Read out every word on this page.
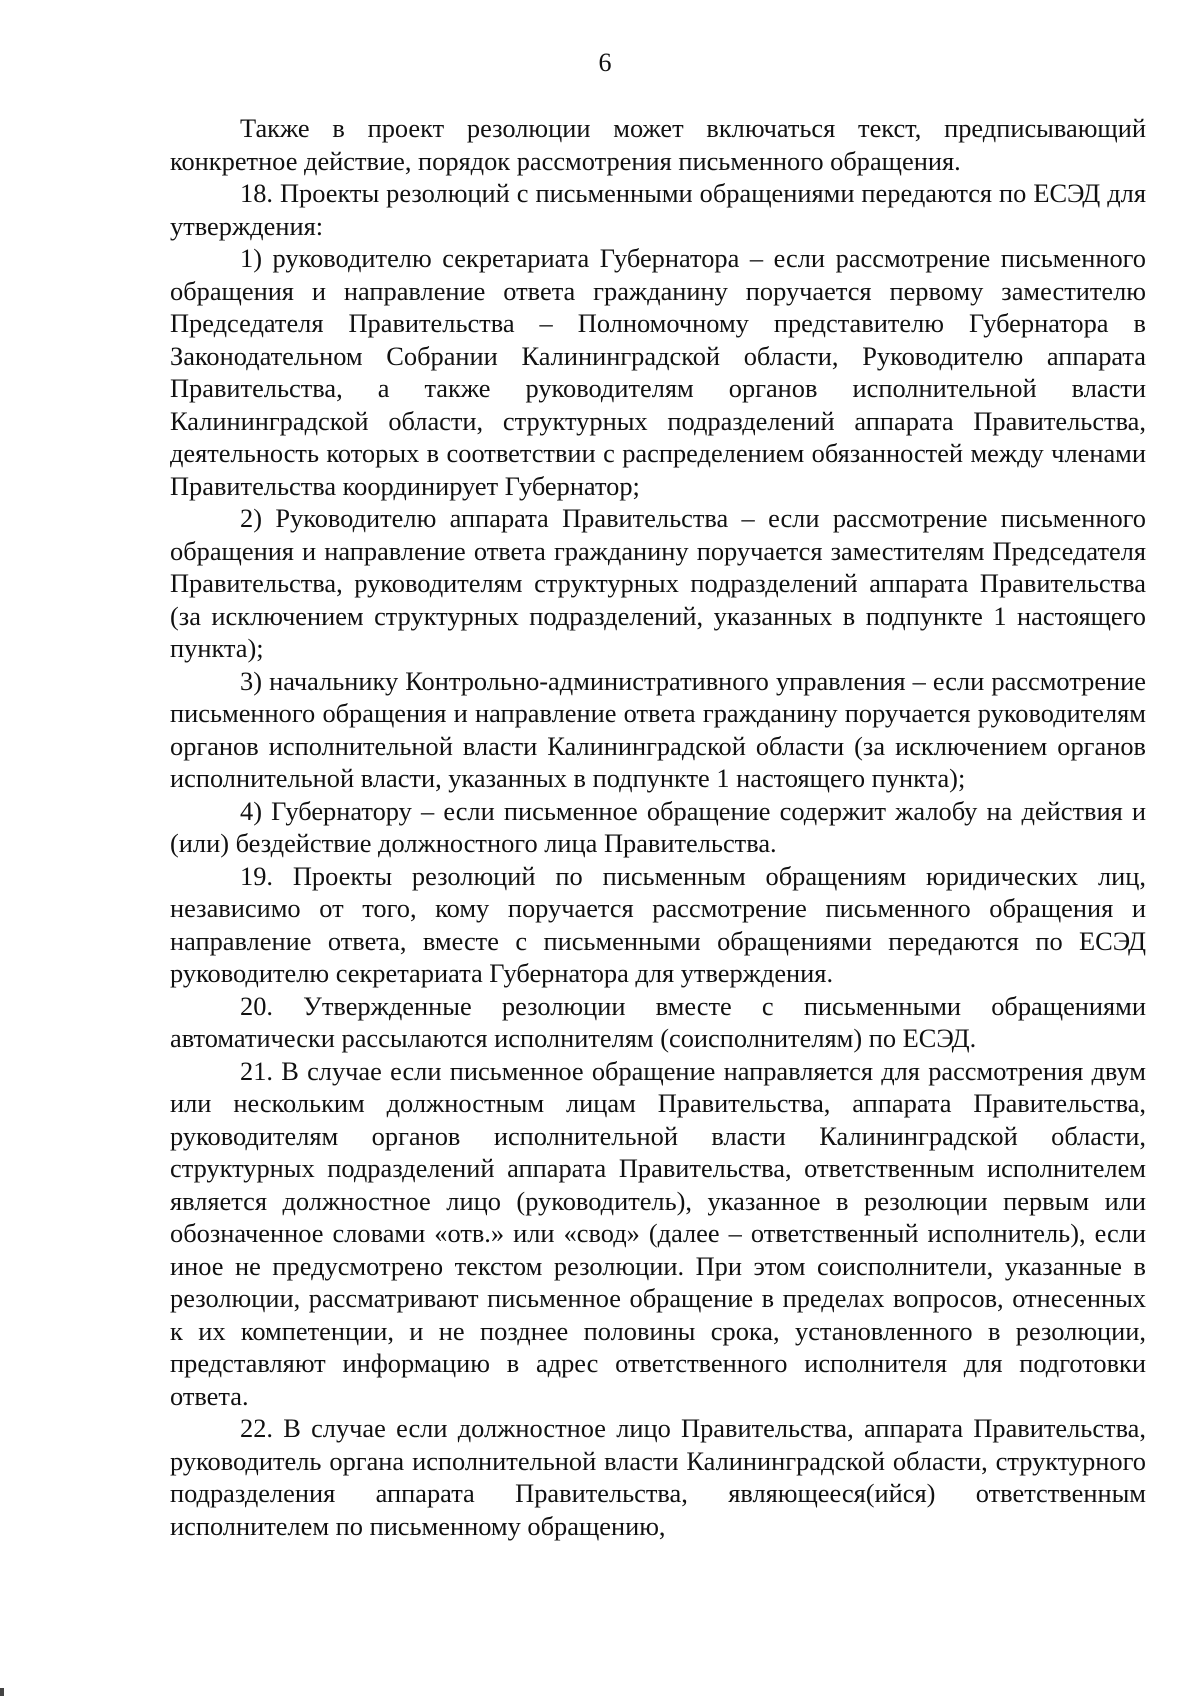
6

Также в проект резолюции может включаться текст, предписывающий конкретное действие, порядок рассмотрения письменного обращения.

18. Проекты резолюций с письменными обращениями передаются по ЕСЭД для утверждения:

1) руководителю секретариата Губернатора – если рассмотрение письменного обращения и направление ответа гражданину поручается первому заместителю Председателя Правительства – Полномочному представителю Губернатора в Законодательном Собрании Калининградской области, Руководителю аппарата Правительства, а также руководителям органов исполнительной власти Калининградской области, структурных подразделений аппарата Правительства, деятельность которых в соответствии с распределением обязанностей между членами Правительства координирует Губернатор;

2) Руководителю аппарата Правительства – если рассмотрение письменного обращения и направление ответа гражданину поручается заместителям Председателя Правительства, руководителям структурных подразделений аппарата Правительства (за исключением структурных подразделений, указанных в подпункте 1 настоящего пункта);

3) начальнику Контрольно-административного управления – если рассмотрение письменного обращения и направление ответа гражданину поручается руководителям органов исполнительной власти Калининградской области (за исключением органов исполнительной власти, указанных в подпункте 1 настоящего пункта);

4) Губернатору – если письменное обращение содержит жалобу на действия и (или) бездействие должностного лица Правительства.

19. Проекты резолюций по письменным обращениям юридических лиц, независимо от того, кому поручается рассмотрение письменного обращения и направление ответа, вместе с письменными обращениями передаются по ЕСЭД руководителю секретариата Губернатора для утверждения.

20. Утвержденные резолюции вместе с письменными обращениями автоматически рассылаются исполнителям (соисполнителям) по ЕСЭД.

21. В случае если письменное обращение направляется для рассмотрения двум или нескольким должностным лицам Правительства, аппарата Правительства, руководителям органов исполнительной власти Калининградской области, структурных подразделений аппарата Правительства, ответственным исполнителем является должностное лицо (руководитель), указанное в резолюции первым или обозначенное словами «отв.» или «свод» (далее – ответственный исполнитель), если иное не предусмотрено текстом резолюции. При этом соисполнители, указанные в резолюции, рассматривают письменное обращение в пределах вопросов, отнесенных к их компетенции, и не позднее половины срока, установленного в резолюции, представляют информацию в адрес ответственного исполнителя для подготовки ответа.

22. В случае если должностное лицо Правительства, аппарата Правительства, руководитель органа исполнительной власти Калининградской области, структурного подразделения аппарата Правительства, являющееся(ийся) ответственным исполнителем по письменному обращению,
